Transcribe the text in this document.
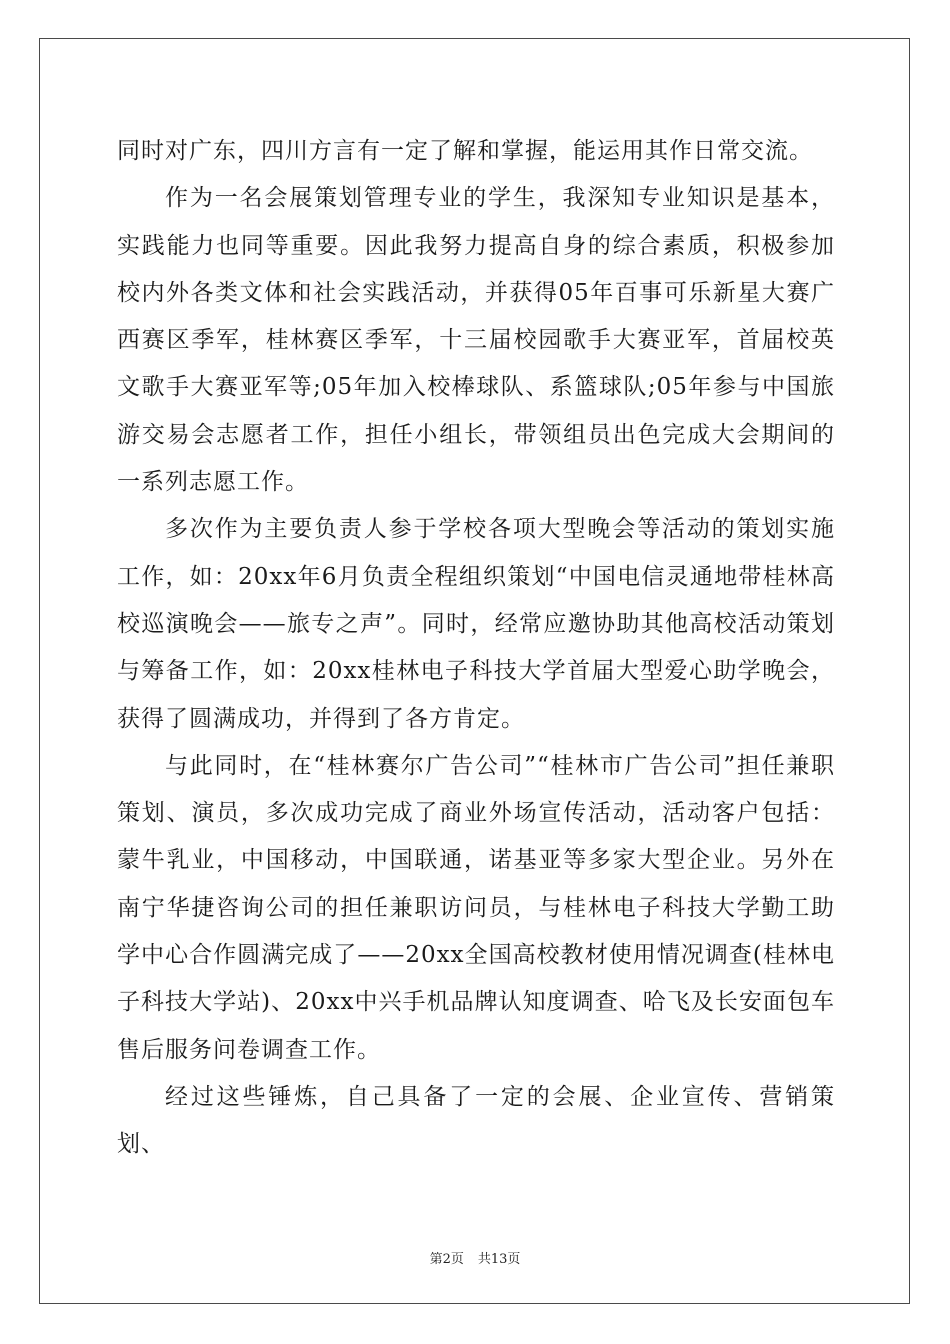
同时对广东，四川方言有一定了解和掌握，能运用其作日常交流。

作为一名会展策划管理专业的学生，我深知专业知识是基本，实践能力也同等重要。因此我努力提高自身的综合素质，积极参加校内外各类文体和社会实践活动，并获得05年百事可乐新星大赛广西赛区季军，桂林赛区季军，十三届校园歌手大赛亚军，首届校英文歌手大赛亚军等;05年加入校棒球队、系篮球队;05年参与中国旅游交易会志愿者工作，担任小组长，带领组员出色完成大会期间的一系列志愿工作。

多次作为主要负责人参于学校各项大型晚会等活动的策划实施工作，如：20xx年6月负责全程组织策划“中国电信灵通地带桂林高校巡演晚会——旅专之声”。同时，经常应邀协助其他高校活动策划与筹备工作，如：20xx桂林电子科技大学首届大型爱心助学晚会，获得了圆满成功，并得到了各方肯定。

与此同时，在“桂林赛尔广告公司”“桂林市广告公司”担任兼职策划、演员，多次成功完成了商业外场宣传活动，活动客户包括：蒙牛乳业，中国移动，中国联通，诺基亚等多家大型企业。另外在南宁华捷咨询公司的担任兼职访问员，与桂林电子科技大学勤工助学中心合作圆满完成了——20xx全国高校教材使用情况调查(桂林电子科技大学站)、20xx中兴手机品牌认知度调查、哈飞及长安面包车售后服务问卷调查工作。

经过这些锤炼，自己具备了一定的会展、企业宣传、营销策划、

第2页 共13页
